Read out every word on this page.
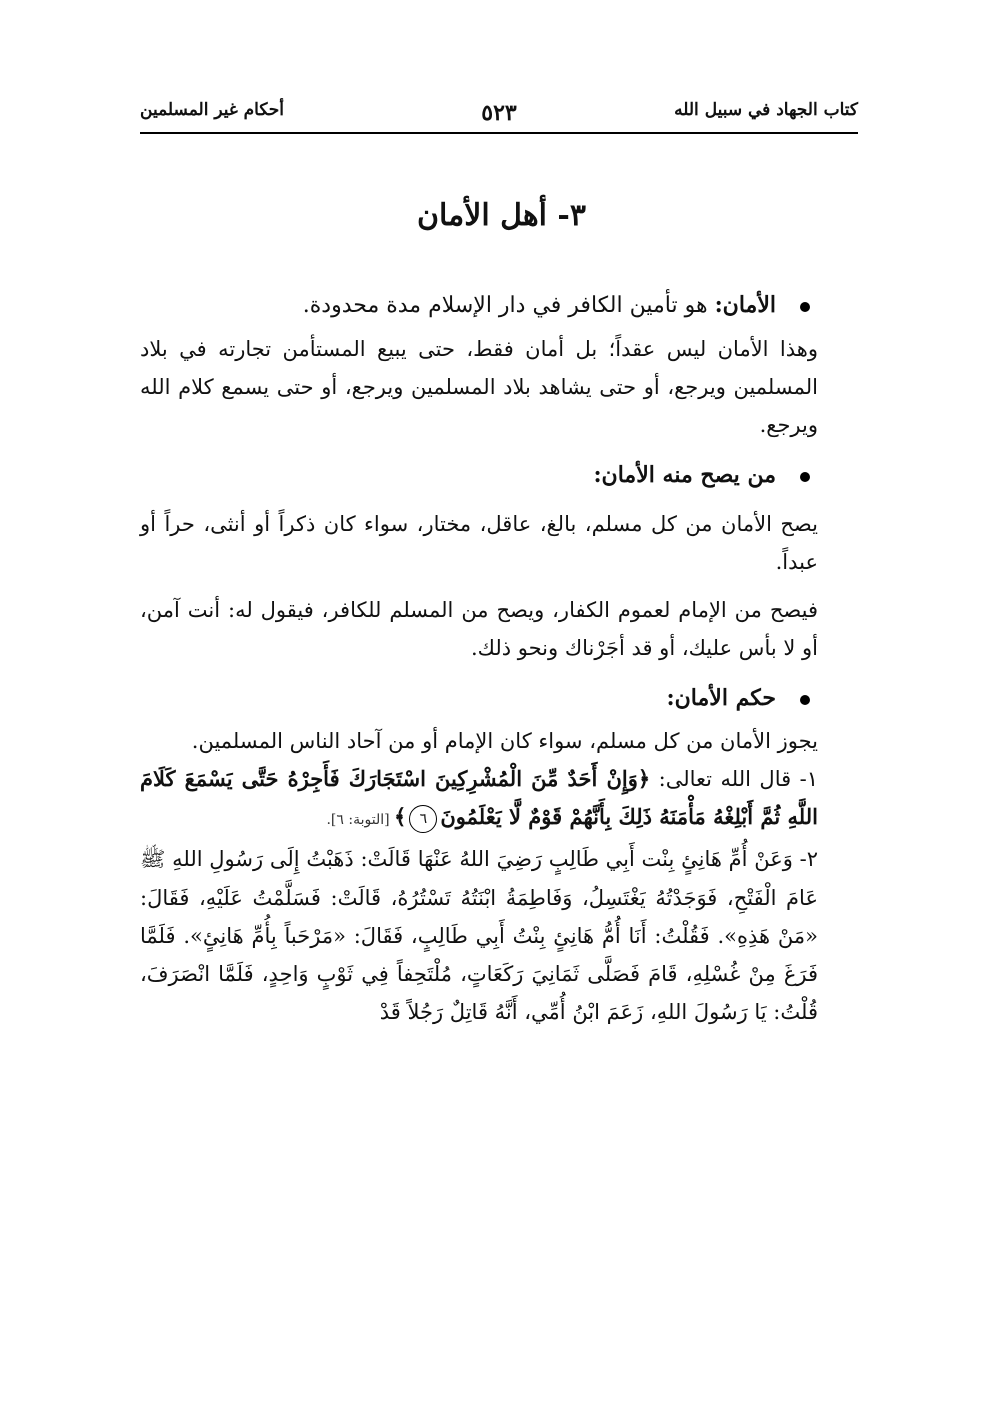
كتاب الجهاد في سبيل الله
٥٢٣
أحكام غير المسلمين
٣- أهل الأمان

الأمان: هو تأمين الكافر في دار الإسلام مدة محدودة.

وهذا الأمان ليس عقداً؛ بل أمان فقط، حتى يبيع المستأمن تجارته في بلاد المسلمين ويرجع، أو حتى يشاهد بلاد المسلمين ويرجع، أو حتى يسمع كلام الله ويرجع.

من يصح منه الأمان:

يصح الأمان من كل مسلم، بالغ، عاقل، مختار، سواء كان ذكراً أو أنثى، حراً أو عبداً.

فيصح من الإمام لعموم الكفار، ويصح من المسلم للكافر، فيقول له: أنت آمن، أو لا بأس عليك، أو قد أجَرْناك ونحو ذلك.

حكم الأمان:

يجوز الأمان من كل مسلم، سواء كان الإمام أو من آحاد الناس المسلمين.

١- قال الله تعالى: ﴿وَإِنْ أَحَدٌ مِّنَ الْمُشْرِكِينَ اسْتَجَارَكَ فَأَجِرْهُ حَتَّى يَسْمَعَ كَلَامَ اللَّهِ ثُمَّ أَبْلِغْهُ مَأْمَنَهُ ذَلِكَ بِأَنَّهُمْ قَوْمٌ لَّا يَعْلَمُونَ٦﴾ [التوبة: ٦].

٢- وَعَنْ أُمِّ هَانِئٍ بِنْت أَبِي طَالِبٍ رَضِيَ اللهُ عَنْهَا قَالَتْ: ذَهَبْتُ إِلَى رَسُولِ اللهِ ﷺ عَامَ الْفَتْحِ، فَوَجَدْتُهُ يَغْتَسِلُ، وَفَاطِمَةُ ابْنَتُهُ تَسْتُرُهُ، قَالَتْ: فَسَلَّمْتُ عَلَيْهِ، فَقَالَ: «مَنْ هَذِهِ». فَقُلْتُ: أَنَا أُمُّ هَانِئٍ بِنْتُ أَبِي طَالِبٍ، فَقَالَ: «مَرْحَباً بِأُمِّ هَانِئٍ». فَلَمَّا فَرَغَ مِنْ غُسْلِهِ، قَامَ فَصَلَّى ثَمَانِيَ رَكَعَاتٍ، مُلْتَحِفاً فِي ثَوْبٍ وَاحِدٍ، فَلَمَّا انْصَرَفَ، قُلْتُ: يَا رَسُولَ اللهِ، زَعَمَ ابْنُ أُمِّي، أَنَّهُ قَاتِلٌ رَجُلاً قَدْ
